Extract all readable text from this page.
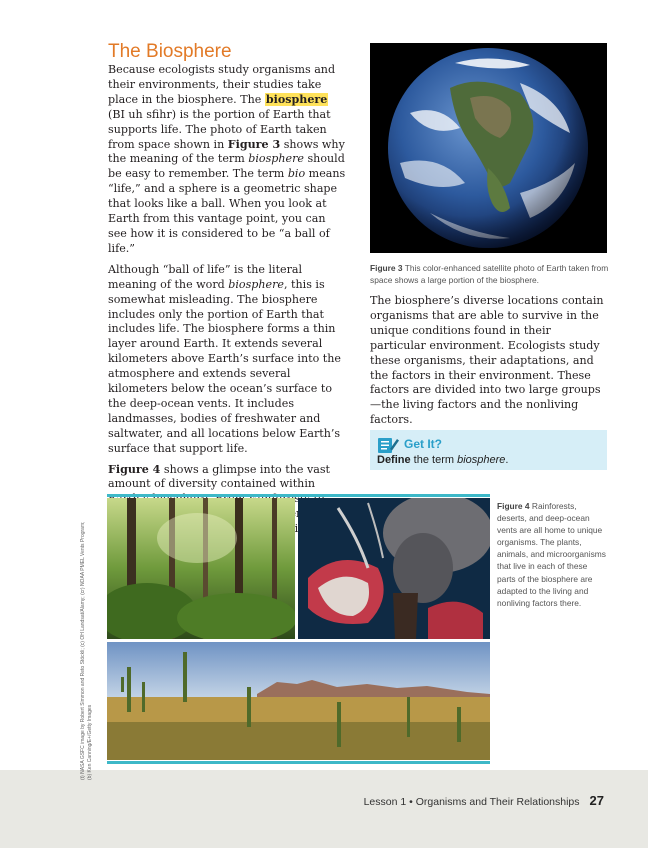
The Biosphere

Because ecologists study organisms and their environments, their studies take place in the biosphere. The biosphere (BI uh sfihr) is the portion of Earth that supports life. The photo of Earth taken from space shown in Figure 3 shows why the meaning of the term biosphere should be easy to remember. The term bio means “life,” and a sphere is a geometric shape that looks like a ball. When you look at Earth from this vantage point, you can see how it is considered to be “a ball of life.”

Although “ball of life” is the literal meaning of the word biosphere, this is somewhat misleading. The biosphere includes only the portion of Earth that includes life. The biosphere forms a thin layer around Earth. It extends several kilometers above Earth’s surface into the atmosphere and extends several kilometers below the ocean’s surface to the deep-ocean vents. It includes landmasses, bodies of freshwater and saltwater, and all locations below Earth’s surface that support life.

Figure 4 shows a glimpse into the vast amount of diversity contained within

Figure 3 This color-enhanced satellite photo of Earth taken from space shows a large portion of the biosphere.

The biosphere’s diverse locations contain organisms that are able to survive in the unique conditions found in their particular environment. Ecologists study these organisms, their adaptations, and the factors in their environment. These factors are divided into two large groups—the living factors and the nonliving factors.

Get It?
Define the term biosphere.
Figure 4 Rainforests, deserts, and deep-ocean vents are all home to unique organisms. The plants, animals, and microorganisms that live in each of these parts of the biosphere are adapted to the living and nonliving factors there.
(t) NASA GSFC image by Robert Simmon and Reto Stöckli; (c) OH Landsat/Alamy; (cr) NOAA PMEL Vents Program; (b) Ken Canning/E+/Getty Images
Lesson 1 • Organisms and Their Relationships 27
